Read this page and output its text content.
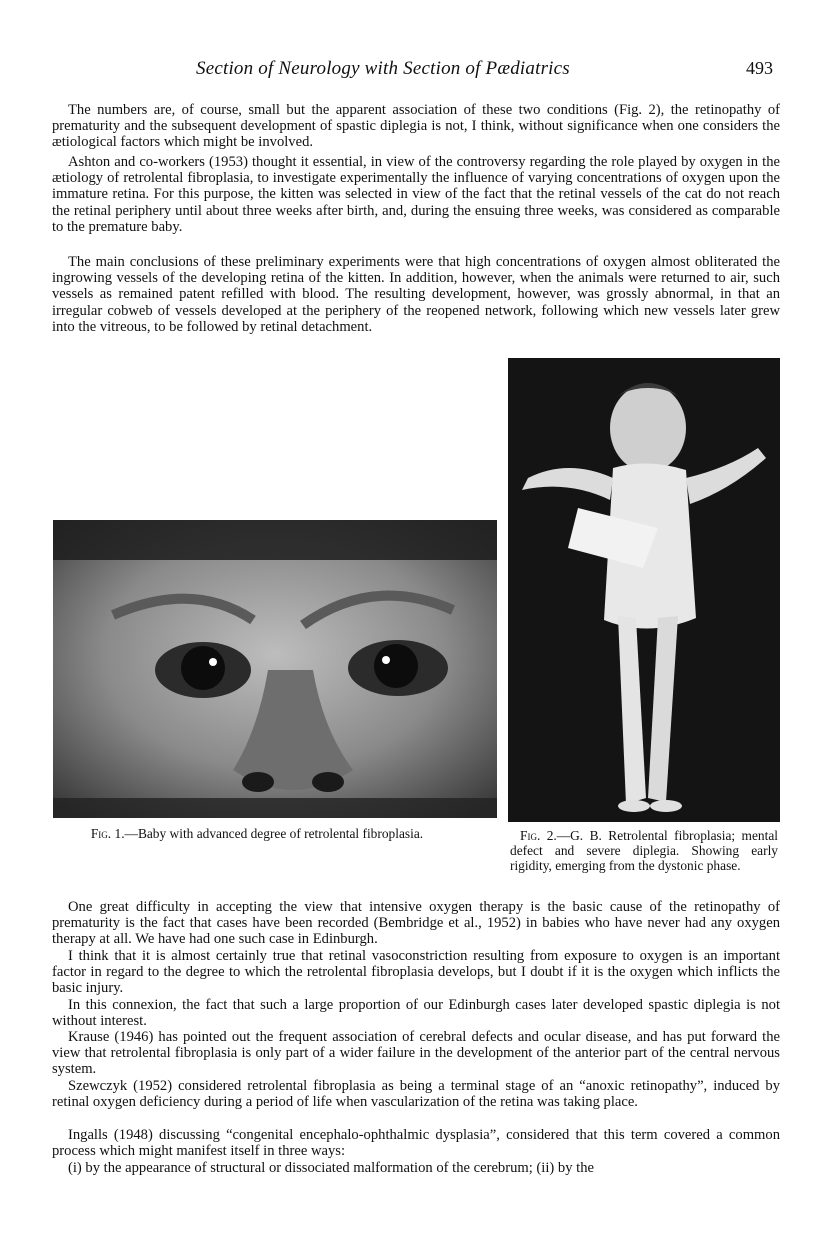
Section of Neurology with Section of Pædiatrics	493

The numbers are, of course, small but the apparent association of these two conditions (Fig. 2), the retinopathy of prematurity and the subsequent development of spastic diplegia is not, I think, without significance when one considers the ætiological factors which might be involved.

Ashton and co-workers (1953) thought it essential, in view of the controversy regarding the role played by oxygen in the ætiology of retrolental fibroplasia, to investigate experimentally the influence of varying concentrations of oxygen upon the immature retina. For this purpose, the kitten was selected in view of the fact that the retinal vessels of the cat do not reach the retinal periphery until about three weeks after birth, and, during the ensuing three weeks, was considered as comparable to the premature baby.

The main conclusions of these preliminary experiments were that high concentrations of oxygen almost obliterated the ingrowing vessels of the developing retina of the kitten. In addition, however, when the animals were returned to air, such vessels as remained patent refilled with blood. The resulting development, however, was grossly abnormal, in that an irregular cobweb of vessels developed at the periphery of the reopened network, following which new vessels later grew into the vitreous, to be followed by retinal detachment.

Fig. 1.—Baby with advanced degree of retrolental fibroplasia.	Fig. 2.—G. B. Retrolental fibroplasia; mental defect and severe diplegia. Showing early rigidity, emerging from the dystonic phase.

One great difficulty in accepting the view that intensive oxygen therapy is the basic cause of the retinopathy of prematurity is the fact that cases have been recorded (Bembridge et al., 1952) in babies who have never had any oxygen therapy at all. We have had one such case in Edinburgh.

I think that it is almost certainly true that retinal vasoconstriction resulting from exposure to oxygen is an important factor in regard to the degree to which the retrolental fibroplasia develops, but I doubt if it is the oxygen which inflicts the basic injury.

In this connexion, the fact that such a large proportion of our Edinburgh cases later developed spastic diplegia is not without interest.

Krause (1946) has pointed out the frequent association of cerebral defects and ocular disease, and has put forward the view that retrolental fibroplasia is only part of a wider failure in the development of the anterior part of the central nervous system.

Szewczyk (1952) considered retrolental fibroplasia as being a terminal stage of an “anoxic retinopathy”, induced by retinal oxygen deficiency during a period of life when vascularization of the retina was taking place.

Ingalls (1948) discussing “congenital encephalo-ophthalmic dysplasia”, considered that this term covered a common process which might manifest itself in three ways:

(i) by the appearance of structural or dissociated malformation of the cerebrum; (ii) by the
